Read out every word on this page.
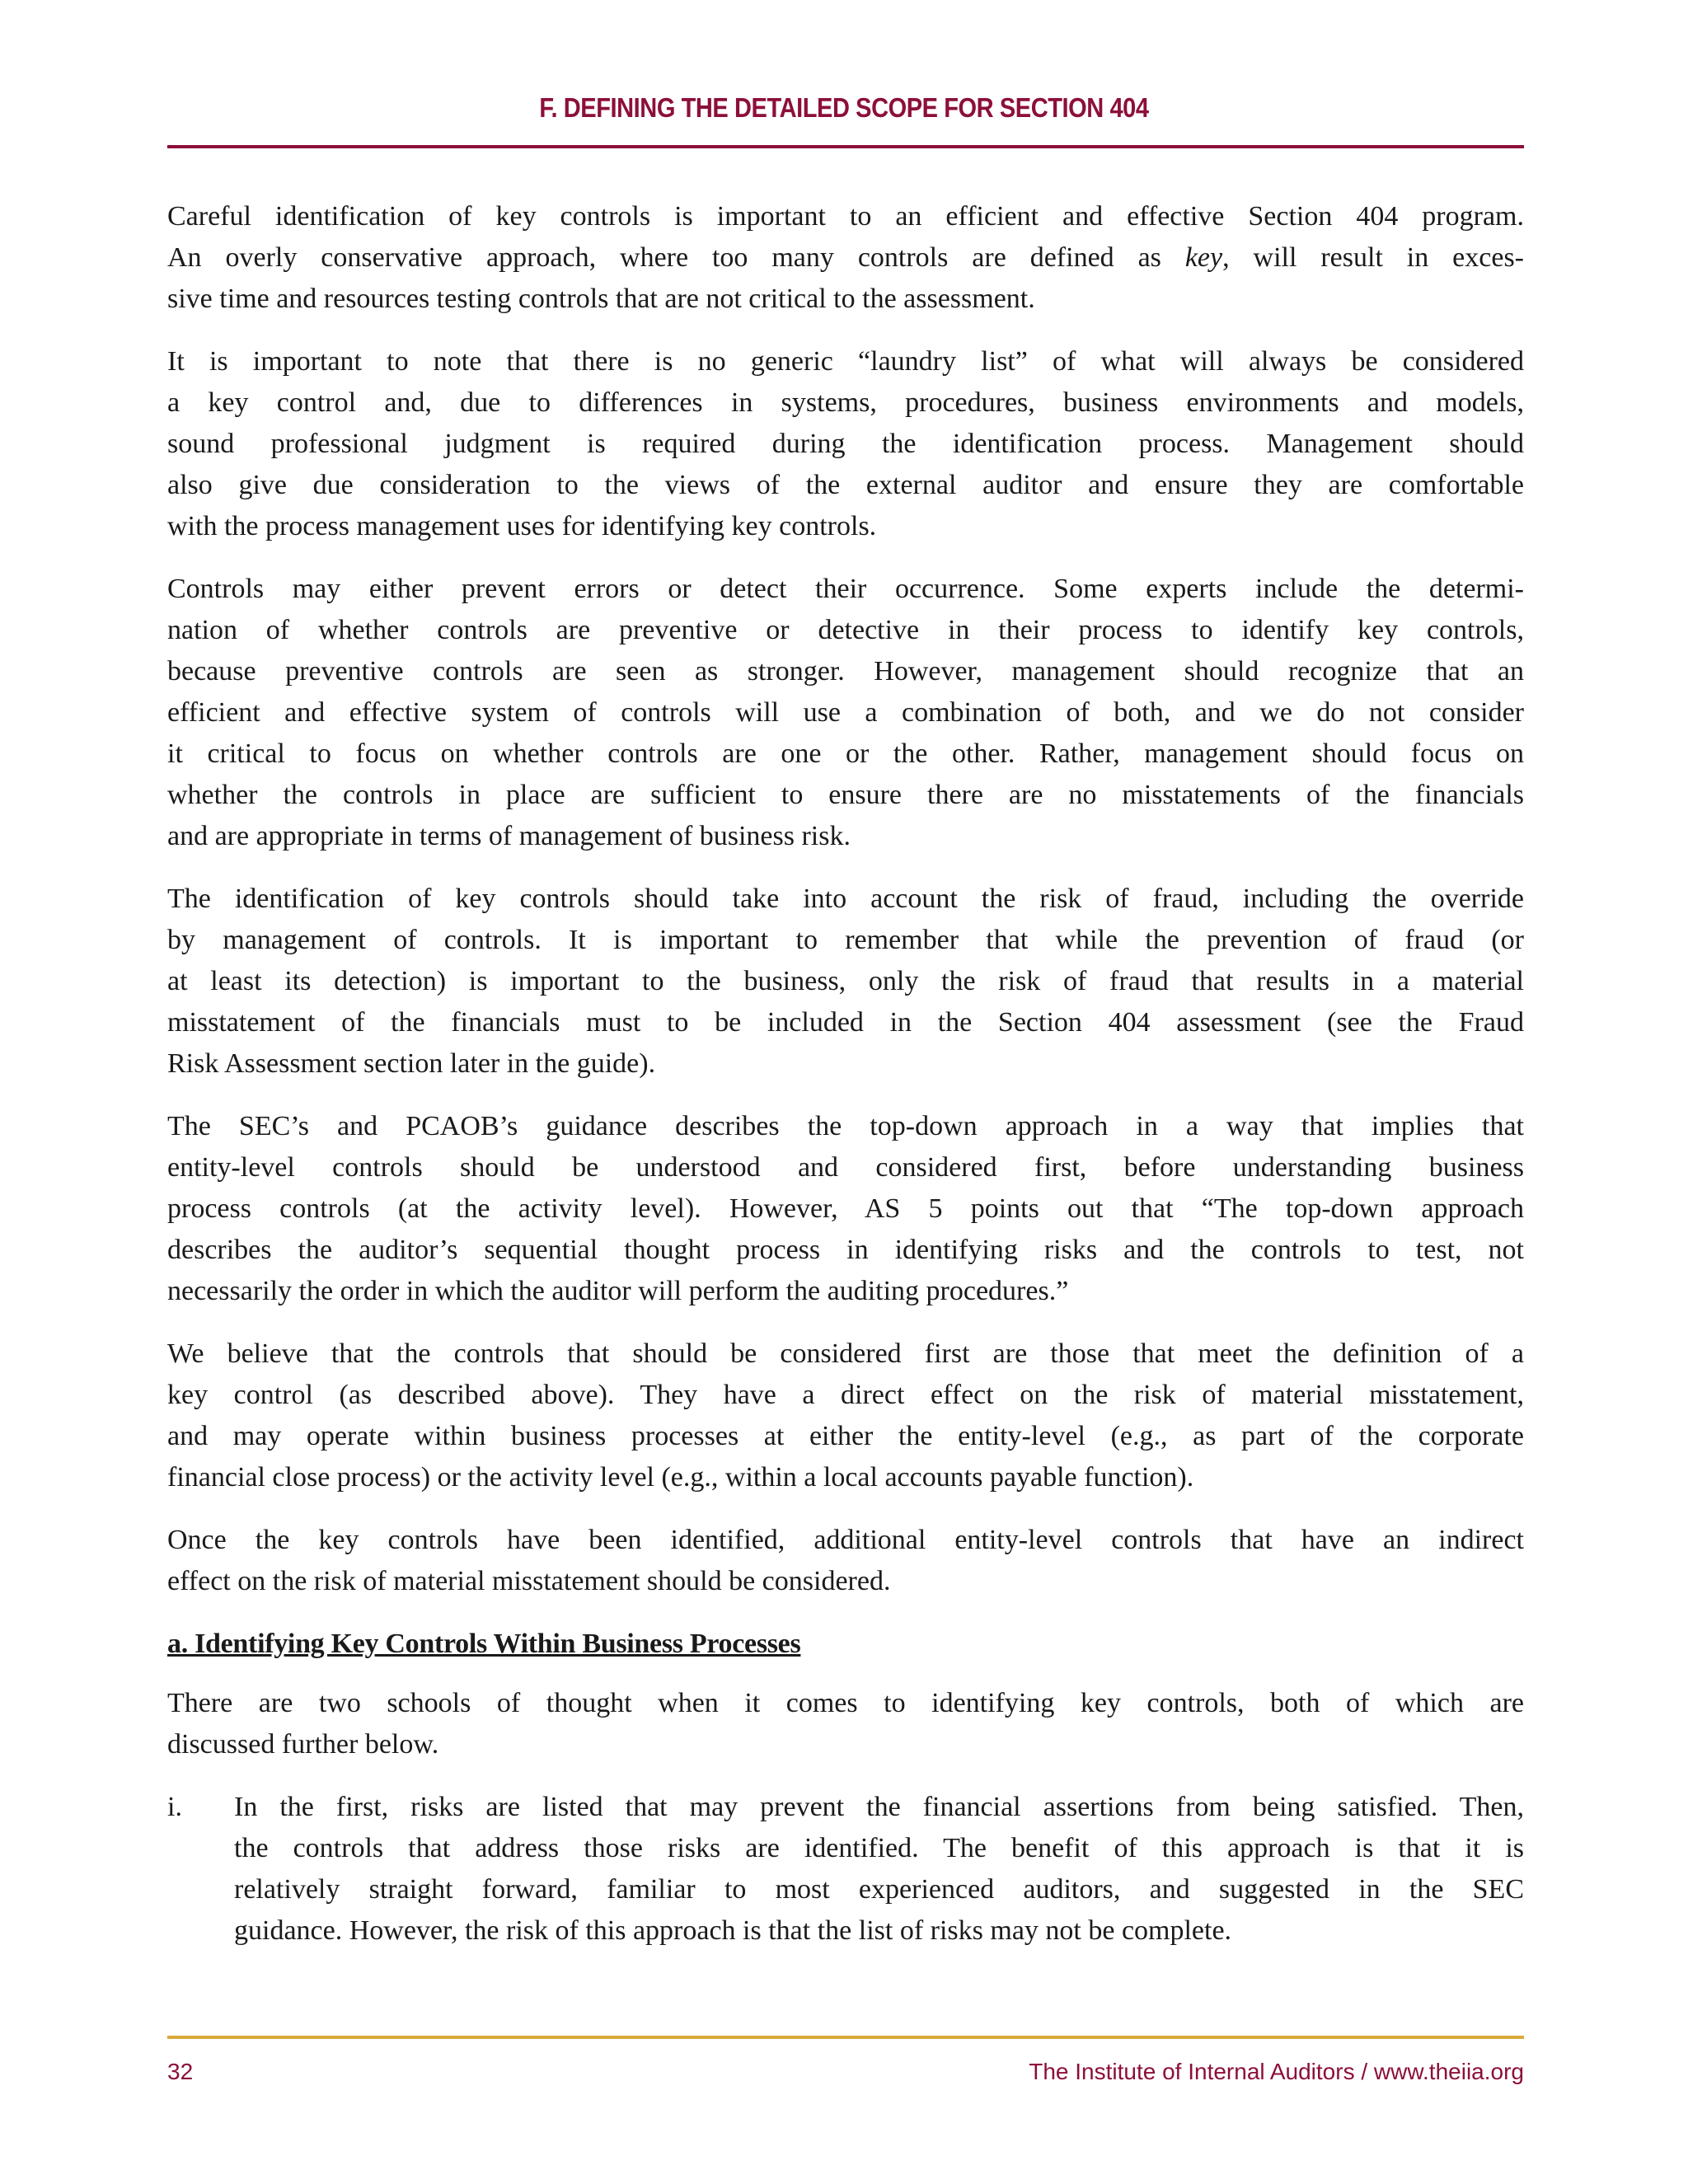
F. DEFINING THE DETAILED SCOPE FOR SECTION 404
Careful identification of key controls is important to an efficient and effective Section 404 program.
An overly conservative approach, where too many controls are defined as key, will result in exces-
sive time and resources testing controls that are not critical to the assessment.
It is important to note that there is no generic “laundry list” of what will always be considered
a key control and, due to differences in systems, procedures, business environments and models,
sound professional judgment is required during the identification process. Management should
also give due consideration to the views of the external auditor and ensure they are comfortable
with the process management uses for identifying key controls.
Controls may either prevent errors or detect their occurrence. Some experts include the determi-
nation of whether controls are preventive or detective in their process to identify key controls,
because preventive controls are seen as stronger. However, management should recognize that an
efficient and effective system of controls will use a combination of both, and we do not consider
it critical to focus on whether controls are one or the other. Rather, management should focus on
whether the controls in place are sufficient to ensure there are no misstatements of the financials
and are appropriate in terms of management of business risk.
The identification of key controls should take into account the risk of fraud, including the override
by management of controls. It is important to remember that while the prevention of fraud (or
at least its detection) is important to the business, only the risk of fraud that results in a material
misstatement of the financials must to be included in the Section 404 assessment (see the Fraud
Risk Assessment section later in the guide).
The SEC’s and PCAOB’s guidance describes the top-down approach in a way that implies that
entity-level controls should be understood and considered first, before understanding business
process controls (at the activity level). However, AS 5 points out that “The top-down approach
describes the auditor’s sequential thought process in identifying risks and the controls to test, not
necessarily the order in which the auditor will perform the auditing procedures.”
We believe that the controls that should be considered first are those that meet the definition of a
key control (as described above). They have a direct effect on the risk of material misstatement,
and may operate within business processes at either the entity-level (e.g., as part of the corporate
financial close process) or the activity level (e.g., within a local accounts payable function).
Once the key controls have been identified, additional entity-level controls that have an indirect
effect on the risk of material misstatement should be considered.
a. Identifying Key Controls Within Business Processes
There are two schools of thought when it comes to identifying key controls, both of which are
discussed further below.
i. In the first, risks are listed that may prevent the financial assertions from being satisfied. Then,
the controls that address those risks are identified. The benefit of this approach is that it is
relatively straight forward, familiar to most experienced auditors, and suggested in the SEC
guidance. However, the risk of this approach is that the list of risks may not be complete.
32	The Institute of Internal Auditors / www.theiia.org
